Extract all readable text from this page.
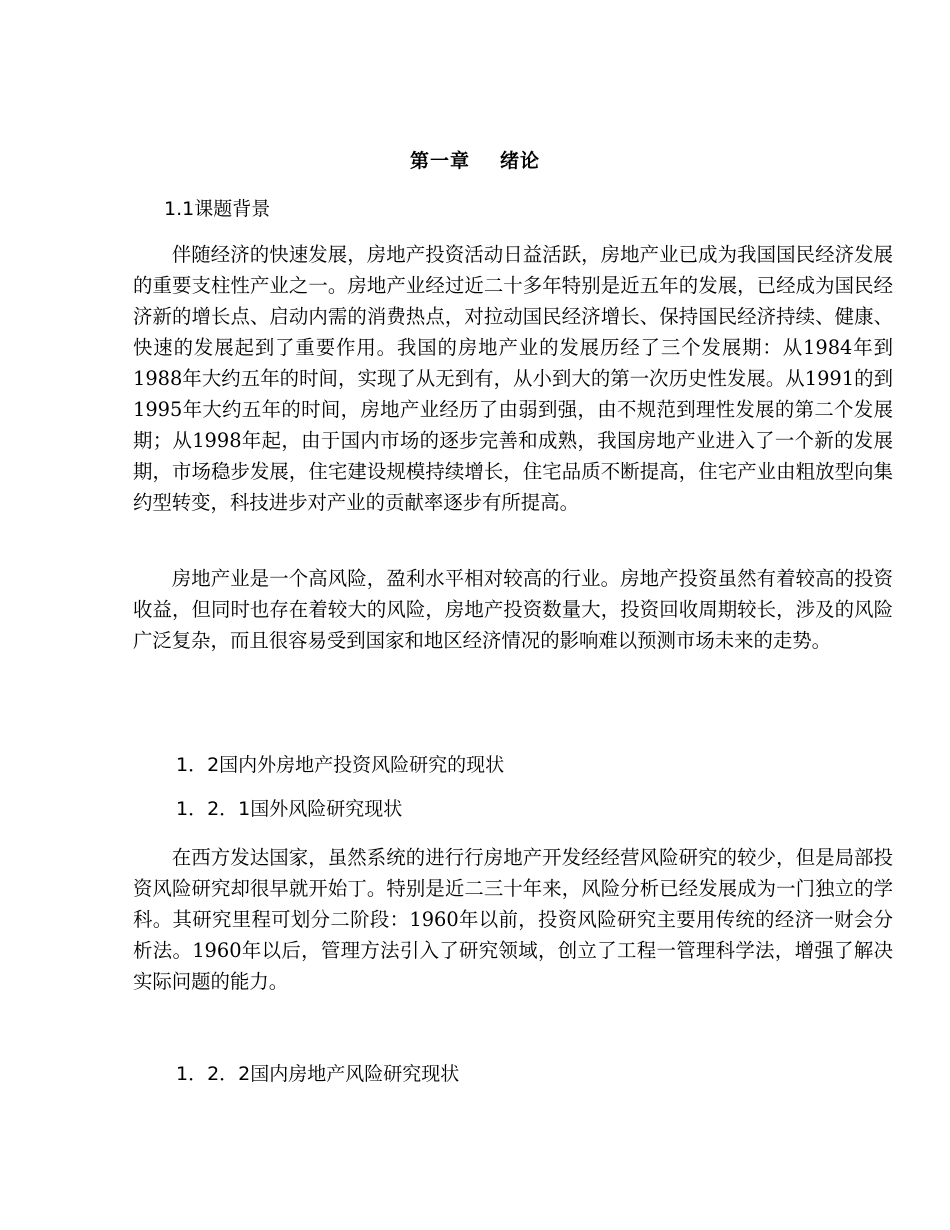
第一章 绪论
1.1课题背景

伴随经济的快速发展，房地产投资活动日益活跃，房地产业已成为我国国民经济发展的重要支柱性产业之一。房地产业经过近二十多年特别是近五年的发展，已经成为国民经济新的增长点、启动内需的消费热点，对拉动国民经济增长、保持国民经济持续、健康、快速的发展起到了重要作用。我国的房地产业的发展历经了三个发展期：从1984年到1988年大约五年的时间，实现了从无到有，从小到大的第一次历史性发展。从1991的到1995年大约五年的时间，房地产业经历了由弱到强，由不规范到理性发展的第二个发展期；从1998年起，由于国内市场的逐步完善和成熟，我国房地产业进入了一个新的发展期，市场稳步发展，住宅建设规模持续增长，住宅品质不断提高，住宅产业由粗放型向集约型转变，科技进步对产业的贡献率逐步有所提高。

房地产业是一个高风险，盈利水平相对较高的行业。房地产投资虽然有着较高的投资收益，但同时也存在着较大的风险，房地产投资数量大，投资回收周期较长，涉及的风险广泛复杂，而且很容易受到国家和地区经济情况的影响难以预测市场未来的走势。

1．2国内外房地产投资风险研究的现状
1．2．1国外风险研究现状

在西方发达国家，虽然系统的进行行房地产开发经经营风险研究的较少，但是局部投资风险研究却很早就开始丁。特别是近二三十年来，风险分析已经发展成为一门独立的学科。其研究里程可划分二阶段：1960年以前，投资风险研究主要用传统的经济一财会分析法。1960年以后，管理方法引入了研究领域，创立了工程一管理科学法，增强了解决实际问题的能力。

1．2．2国内房地产风险研究现状
